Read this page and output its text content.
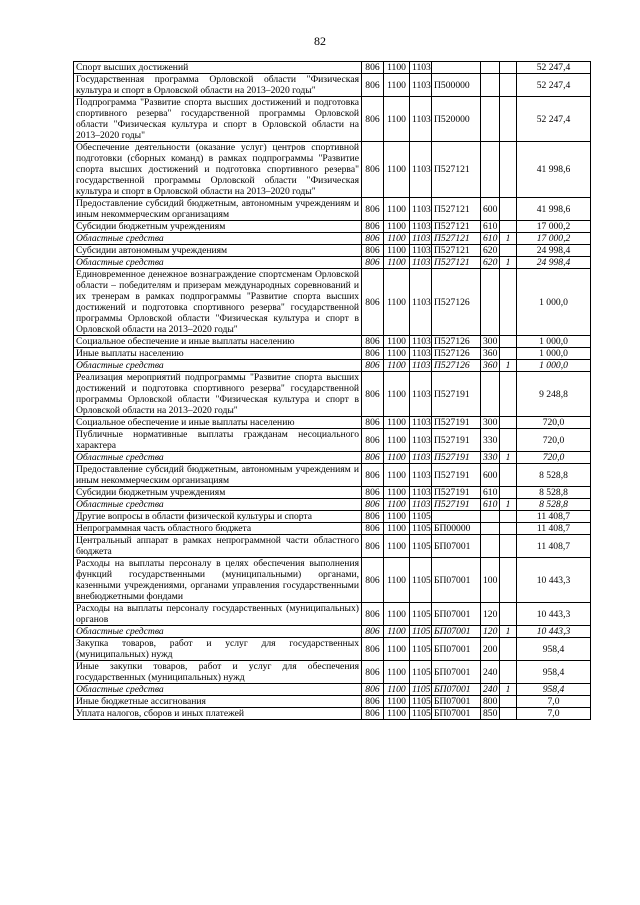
82
Спорт высших достижений	806	1100	1103				52 247,4
Государственная программа Орловской области "Физическая культура и спорт в Орловской области на 2013–2020 годы"	806	1100	1103	П500000			52 247,4
Подпрограмма "Развитие спорта высших достижений и подготовка спортивного резерва" государственной программы Орловской области "Физическая культура и спорт в Орловской области на 2013–2020 годы"	806	1100	1103	П520000			52 247,4
Обеспечение деятельности (оказание услуг) центров спортивной подготовки (сборных команд) в рамках подпрограммы "Развитие спорта высших достижений и подготовка спортивного резерва" государственной программы Орловской области "Физическая культура и спорт в Орловской области на 2013–2020 годы"	806	1100	1103	П527121			41 998,6
Предоставление субсидий бюджетным, автономным учреждениям и иным некоммерческим организациям	806	1100	1103	П527121	600		41 998,6
Субсидии бюджетным учреждениям	806	1100	1103	П527121	610		17 000,2
Областные средства	806	1100	1103	П527121	610	1	17 000,2
Субсидии автономным учреждениям	806	1100	1103	П527121	620		24 998,4
Областные средства	806	1100	1103	П527121	620	1	24 998,4
Единовременное денежное вознаграждение спортсменам Орловской области – победителям и призерам международных соревнований и их тренерам в рамках подпрограммы "Развитие спорта высших достижений и подготовка спортивного резерва" государственной программы Орловской области "Физическая культура и спорт в Орловской области на 2013–2020 годы"	806	1100	1103	П527126			1 000,0
Социальное обеспечение и иные выплаты населению	806	1100	1103	П527126	300		1 000,0
Иные выплаты населению	806	1100	1103	П527126	360		1 000,0
Областные средства	806	1100	1103	П527126	360	1	1 000,0
Реализация мероприятий подпрограммы "Развитие спорта высших достижений и подготовка спортивного резерва" государственной программы Орловской области "Физическая культура и спорт в Орловской области на 2013–2020 годы"	806	1100	1103	П527191			9 248,8
Социальное обеспечение и иные выплаты населению	806	1100	1103	П527191	300		720,0
Публичные нормативные выплаты гражданам несоциального характера	806	1100	1103	П527191	330		720,0
Областные средства	806	1100	1103	П527191	330	1	720,0
Предоставление субсидий бюджетным, автономным учреждениям и иным некоммерческим организациям	806	1100	1103	П527191	600		8 528,8
Субсидии бюджетным учреждениям	806	1100	1103	П527191	610		8 528,8
Областные средства	806	1100	1103	П527191	610	1	8 528,8
Другие вопросы в области физической культуры и спорта	806	1100	1105				11 408,7
Непрограммная часть областного бюджета	806	1100	1105	БП00000			11 408,7
Центральный аппарат в рамках непрограммной части областного бюджета	806	1100	1105	БП07001			11 408,7
Расходы на выплаты персоналу в целях обеспечения выполнения функций государственными (муниципальными) органами, казенными учреждениями, органами управления государственными внебюджетными фондами	806	1100	1105	БП07001	100		10 443,3
Расходы на выплаты персоналу государственных (муниципальных) органов	806	1100	1105	БП07001	120		10 443,3
Областные средства	806	1100	1105	БП07001	120	1	10 443,3
Закупка товаров, работ и услуг для государственных (муниципальных) нужд	806	1100	1105	БП07001	200		958,4
Иные закупки товаров, работ и услуг для обеспечения государственных (муниципальных) нужд	806	1100	1105	БП07001	240		958,4
Областные средства	806	1100	1105	БП07001	240	1	958,4
Иные бюджетные ассигнования	806	1100	1105	БП07001	800		7,0
Уплата налогов, сборов и иных платежей	806	1100	1105	БП07001	850		7,0
